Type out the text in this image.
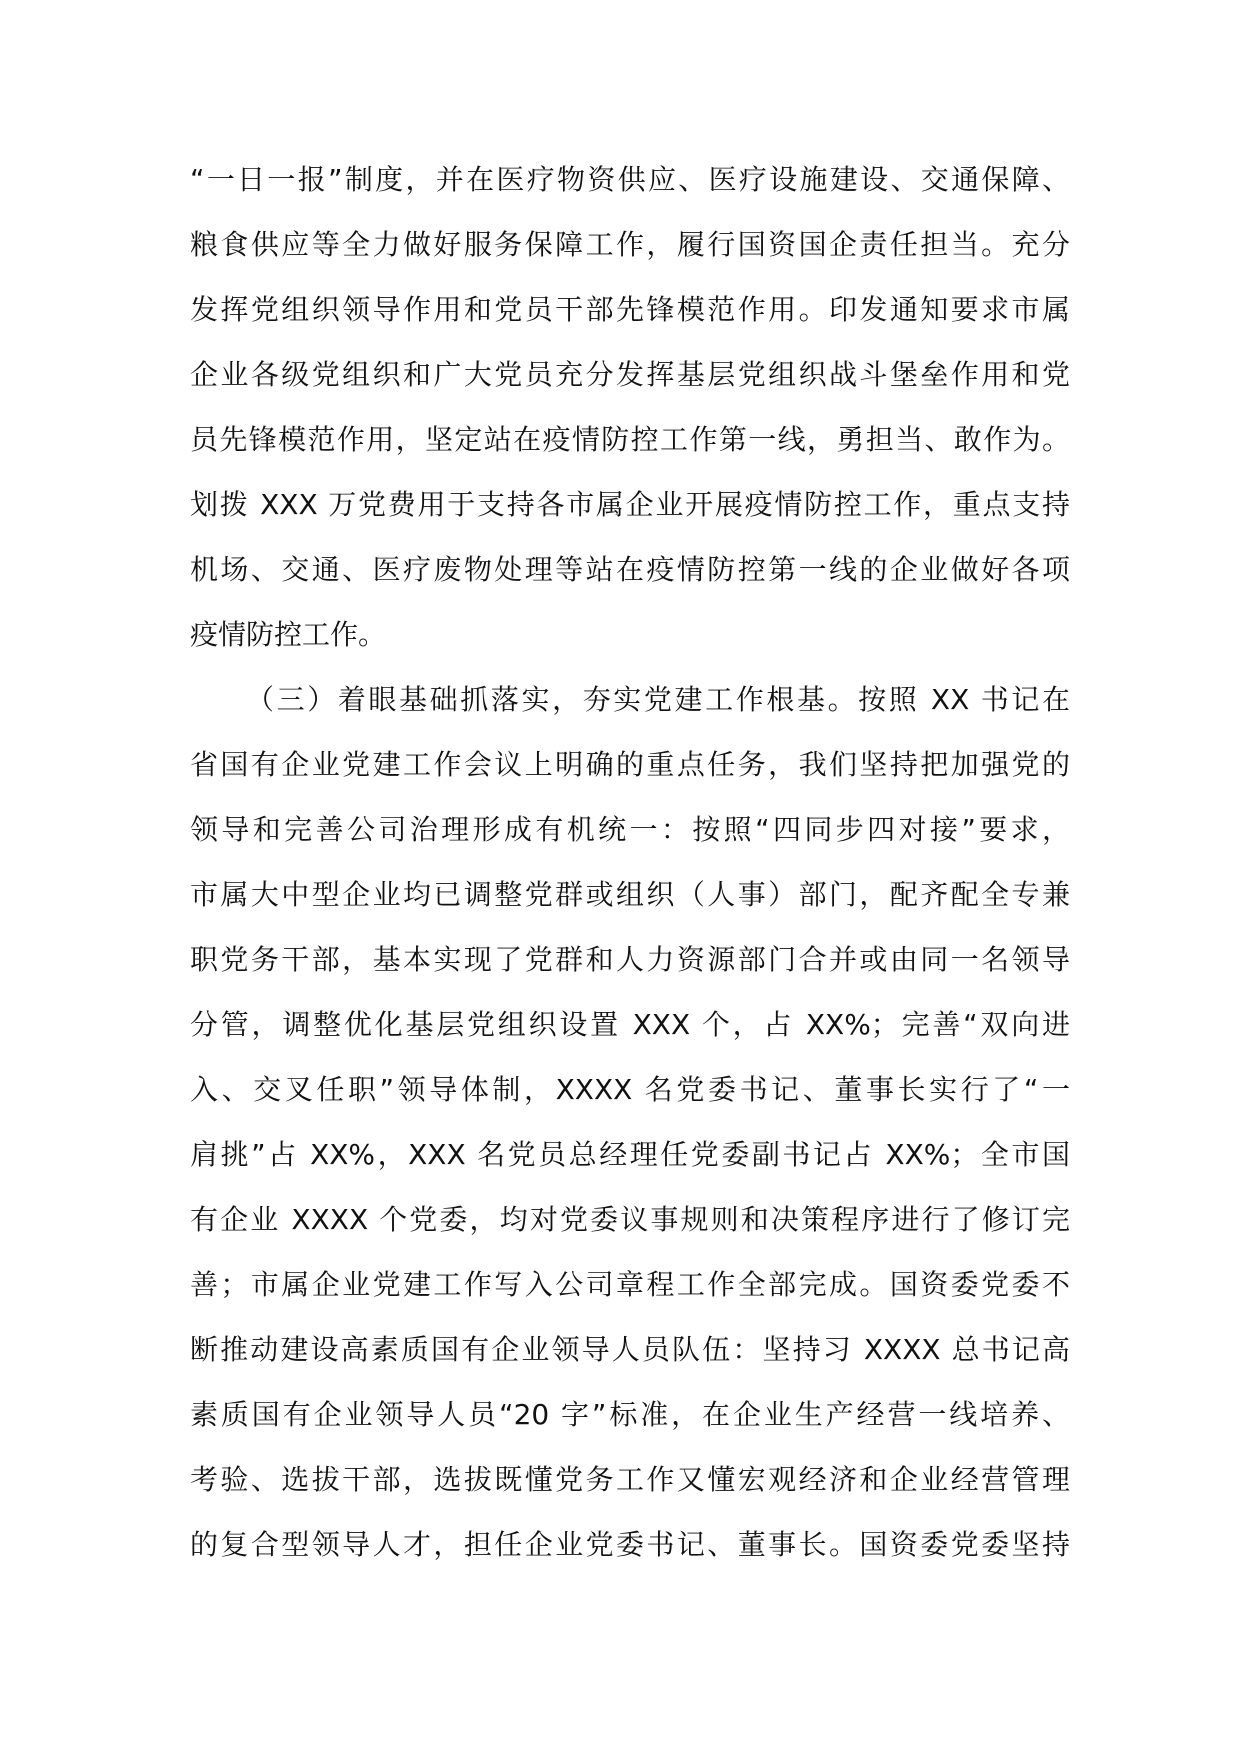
“一日一报”制度，并在医疗物资供应、医疗设施建设、交通保障、
粮食供应等全力做好服务保障工作，履行国资国企责任担当。充分
发挥党组织领导作用和党员干部先锋模范作用。印发通知要求市属
企业各级党组织和广大党员充分发挥基层党组织战斗堡垒作用和党
员先锋模范作用，坚定站在疫情防控工作第一线，勇担当、敢作为。
划拨 XXX 万党费用于支持各市属企业开展疫情防控工作，重点支持
机场、交通、医疗废物处理等站在疫情防控第一线的企业做好各项
疫情防控工作。
（三）着眼基础抓落实，夯实党建工作根基。按照 XX 书记在
省国有企业党建工作会议上明确的重点任务，我们坚持把加强党的
领导和完善公司治理形成有机统一：按照“四同步四对接”要求，
市属大中型企业均已调整党群或组织（人事）部门，配齐配全专兼
职党务干部，基本实现了党群和人力资源部门合并或由同一名领导
分管，调整优化基层党组织设置 XXX 个，占 XX%；完善“双向进
入、交叉任职”领导体制，XXXX 名党委书记、董事长实行了“一
肩挑”占 XX%，XXX 名党员总经理任党委副书记占 XX%；全市国
有企业 XXXX 个党委，均对党委议事规则和决策程序进行了修订完
善；市属企业党建工作写入公司章程工作全部完成。国资委党委不
断推动建设高素质国有企业领导人员队伍：坚持习 XXXX 总书记高
素质国有企业领导人员“20 字”标准，在企业生产经营一线培养、
考验、选拔干部，选拔既懂党务工作又懂宏观经济和企业经营管理
的复合型领导人才，担任企业党委书记、董事长。国资委党委坚持
